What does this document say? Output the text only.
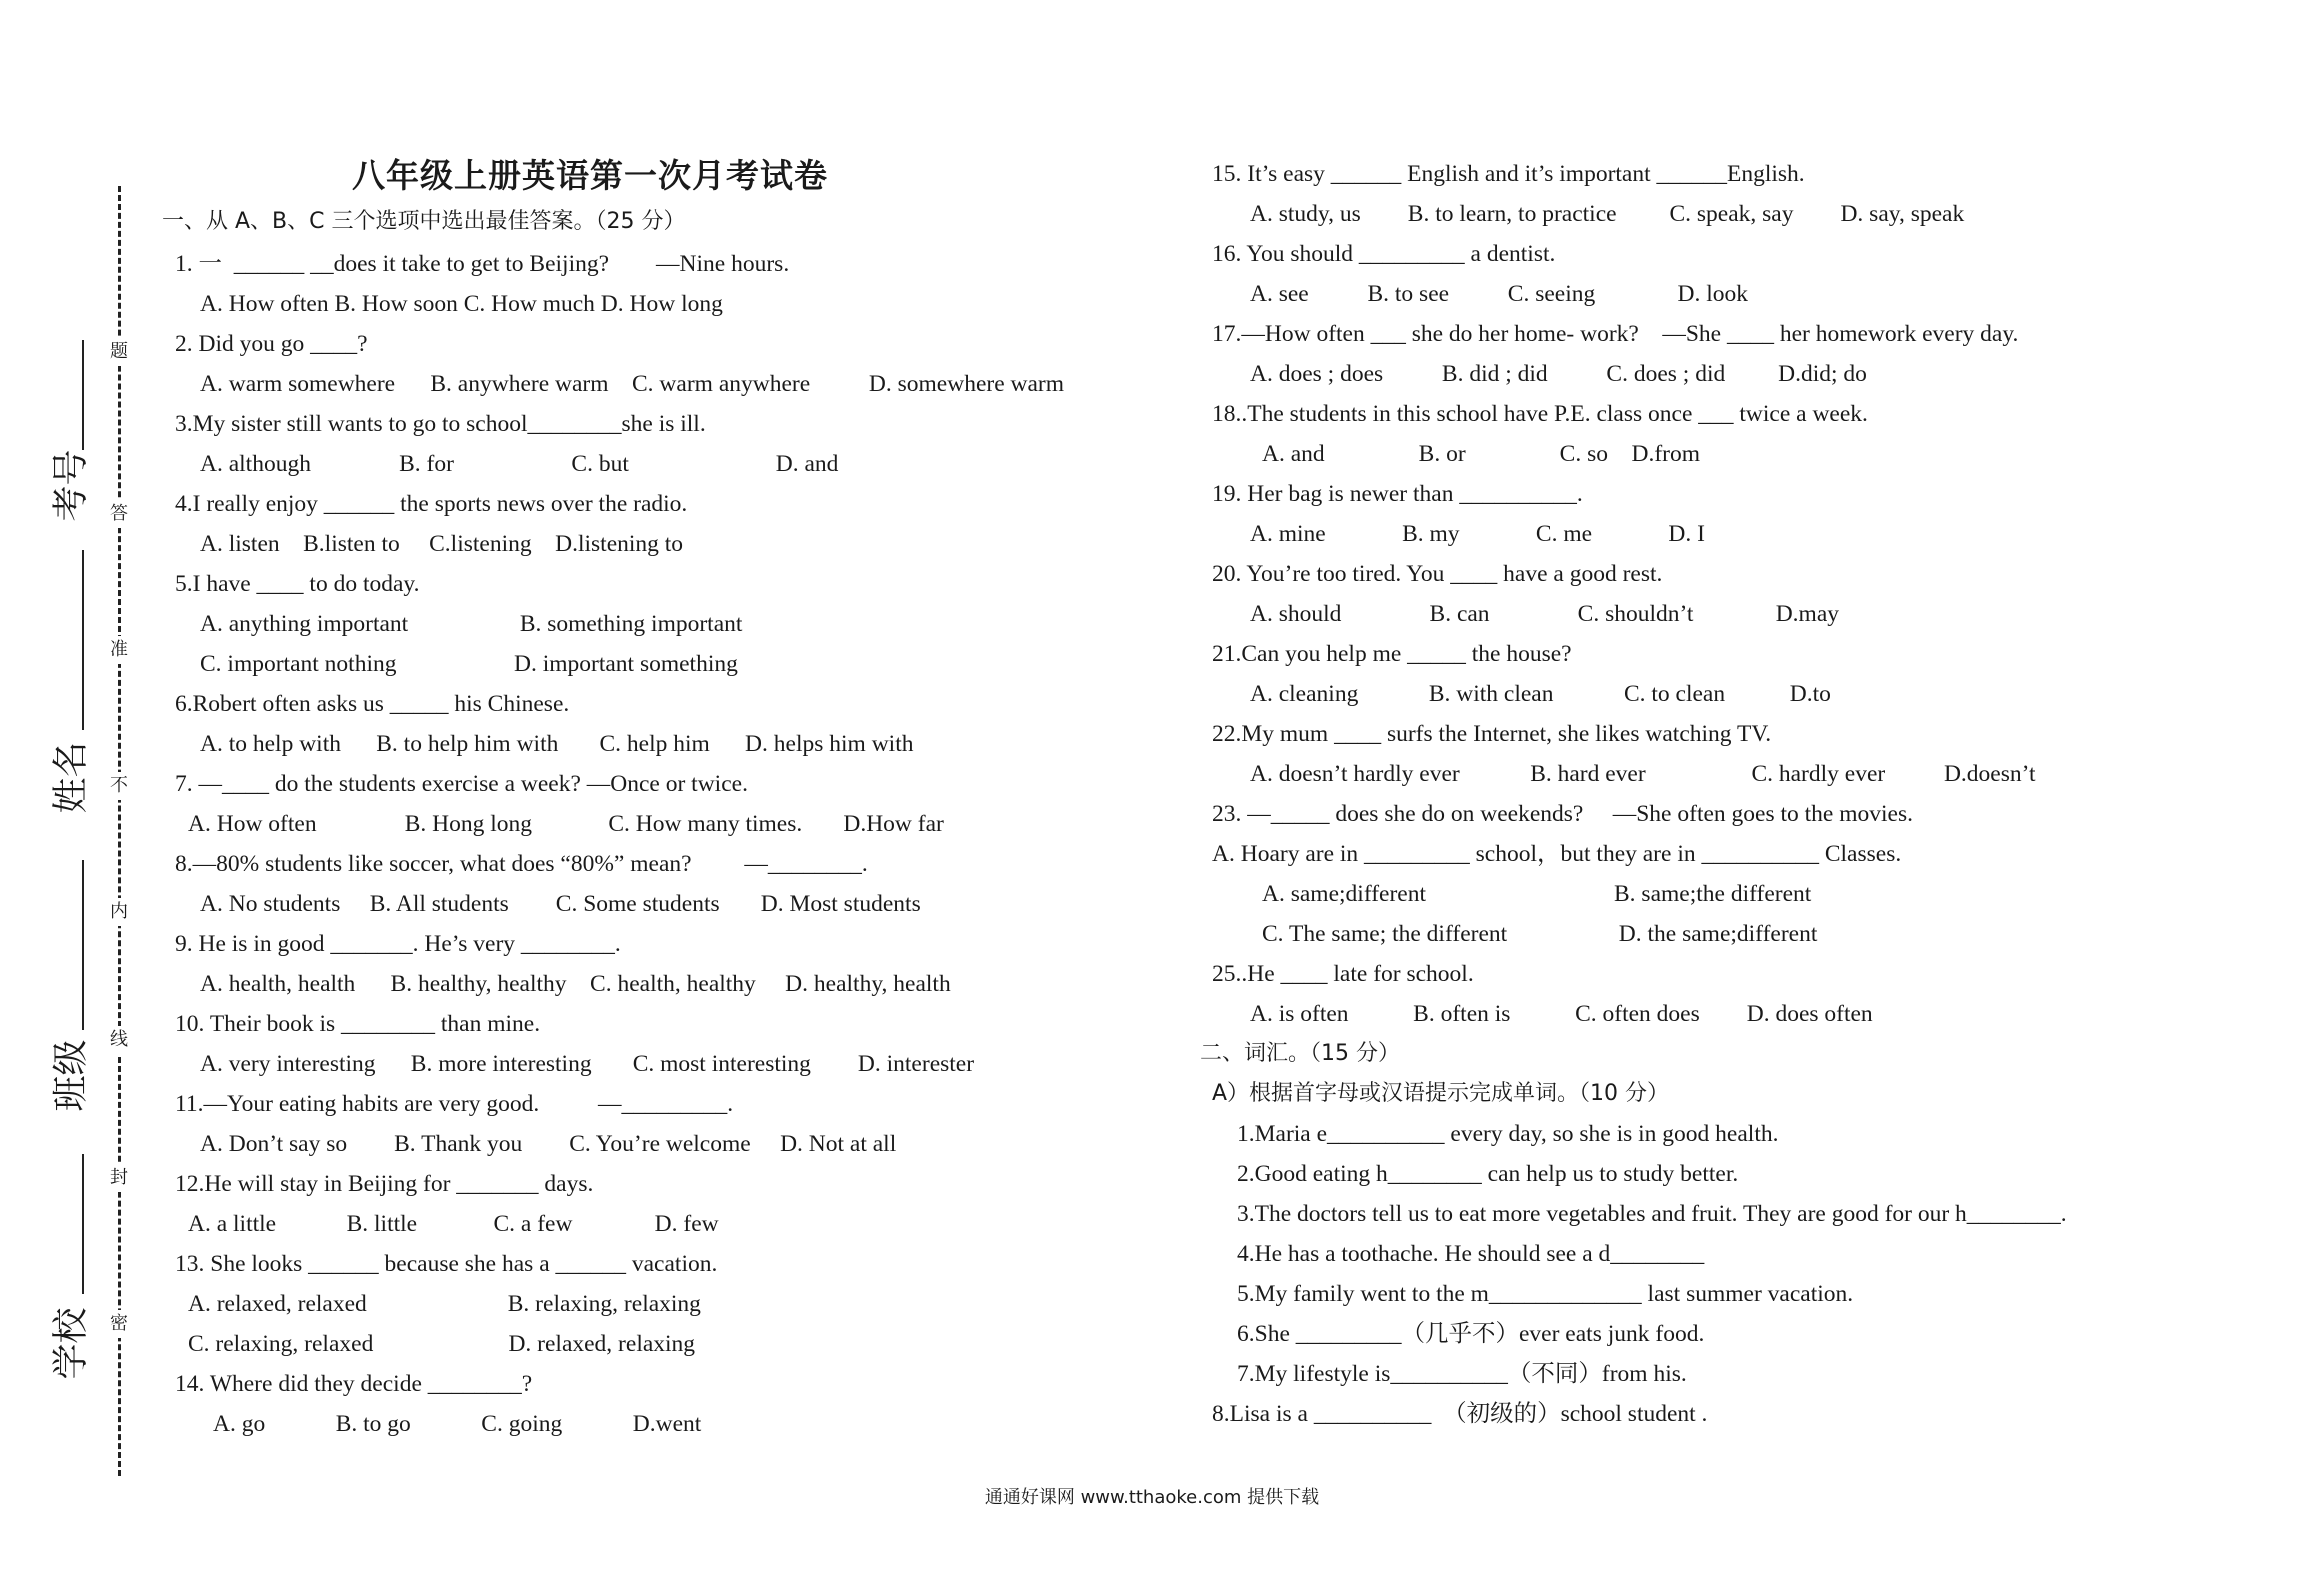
题
答
准
不
内
线
封
密
考号
姓名
班级
学校
八年级上册英语第一次月考试卷
一、从 A、B、C 三个选项中选出最佳答案。（25 分）
1. 一  ______ __does it take to get to Beijing?        —Nine hours.
A. How often B. How soon C. How much D. How long
2. Did you go ____?
A. warm somewhere      B. anywhere warm    C. warm anywhere          D. somewhere warm
3.My sister still wants to go to school________she is ill.
A. although               B. for                    C. but                         D. and
4.I really enjoy ______ the sports news over the radio.
A. listen    B.listen to     C.listening    D.listening to
5.I have ____ to do today.
A. anything important                   B. something important
C. important nothing                    D. important something
6.Robert often asks us _____ his Chinese.
A. to help with      B. to help him with       C. help him      D. helps him with
7. —____ do the students exercise a week? —Once or twice.
A. How often               B. Hong long             C. How many times.       D.How far
8.—80% students like soccer, what does “80%” mean?         —________.
A. No students     B. All students        C. Some students       D. Most students
9. He is in good _______. He’s very ________.
A. health, health      B. healthy, healthy    C. health, healthy     D. healthy, health
10. Their book is ________ than mine.
A. very interesting      B. more interesting       C. most interesting        D. interester
11.—Your eating habits are very good.          —_________.
A. Don’t say so        B. Thank you        C. You’re welcome     D. Not at all
12.He will stay in Beijing for _______ days.
A. a little            B. little             C. a few              D. few
13. She looks ______ because she has a ______ vacation.
A. relaxed, relaxed                        B. relaxing, relaxing
C. relaxing, relaxed                       D. relaxed, relaxing
14. Where did they decide ________?
A. go            B. to go            C. going            D.went
15. It’s easy ______ English and it’s important ______English.
A. study, us        B. to learn, to practice         C. speak, say        D. say, speak
16. You should _________ a dentist.
A. see          B. to see          C. seeing              D. look
17.—How often ___ she do her home- work?    —She ____ her homework every day.
A. does ; does          B. did ; did          C. does ; did         D.did; do
18..The students in this school have P.E. class once ___ twice a week.
A. and                B. or                C. so    D.from
19. Her bag is newer than __________.
A. mine             B. my             C. me             D. I
20. You’re too tired. You ____ have a good rest.
A. should               B. can               C. shouldn’t              D.may
21.Can you help me _____ the house?
A. cleaning            B. with clean            C. to clean           D.to
22.My mum ____ surfs the Internet, she likes watching TV.
A. doesn’t hardly ever            B. hard ever                  C. hardly ever          D.doesn’t
23. —_____ does she do on weekends?     —She often goes to the movies.
A. Hoary are in _________ school，but they are in __________ Classes.
A. same;different                                B. same;the different
C. The same; the different                   D. the same;different
25..He ____ late for school.
A. is often           B. often is           C. often does        D. does often
二、词汇。（15 分）
A）根据首字母或汉语提示完成单词。（10 分）
1.Maria e__________ every day, so she is in good health.
2.Good eating h________ can help us to study better.
3.The doctors tell us to eat more vegetables and fruit. They are good for our h________.
4.He has a toothache. He should see a d________
5.My family went to the m_____________ last summer vacation.
6.She _________（几乎不）ever eats junk food.
7.My lifestyle is__________（不同）from his.
8.Lisa is a __________  （初级的）school student .
通通好课网 www.tthaoke.com 提供下载
